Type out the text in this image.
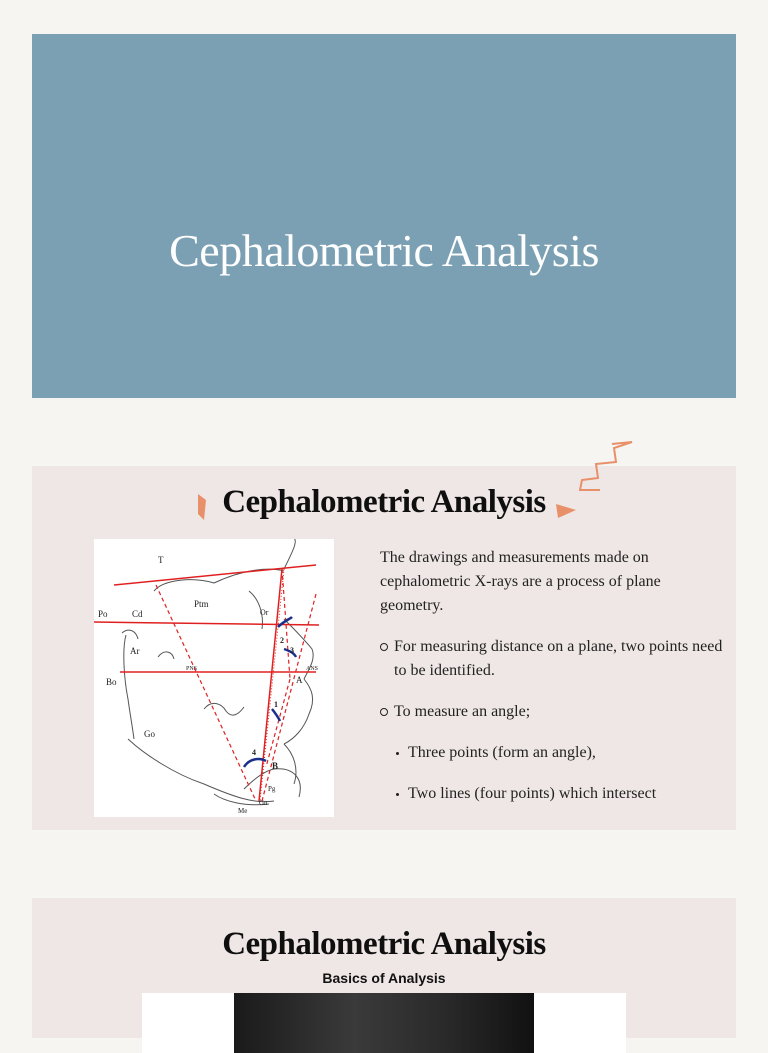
Cephalometric Analysis
Cephalometric Analysis
T
Po	Cd
Ptm
Or
Ar
Bo
PNS	ANS
A
Go
B
Pg
Gn
Me
2
3
1
4

The drawings and measurements made on cephalometric X-rays are a process of plane geometry.

For measuring distance on a plane, two points need to be identified.
To measure an angle;
Three points (form an angle),
Two lines (four points) which intersect
Cephalometric Analysis
Basics of Analysis
